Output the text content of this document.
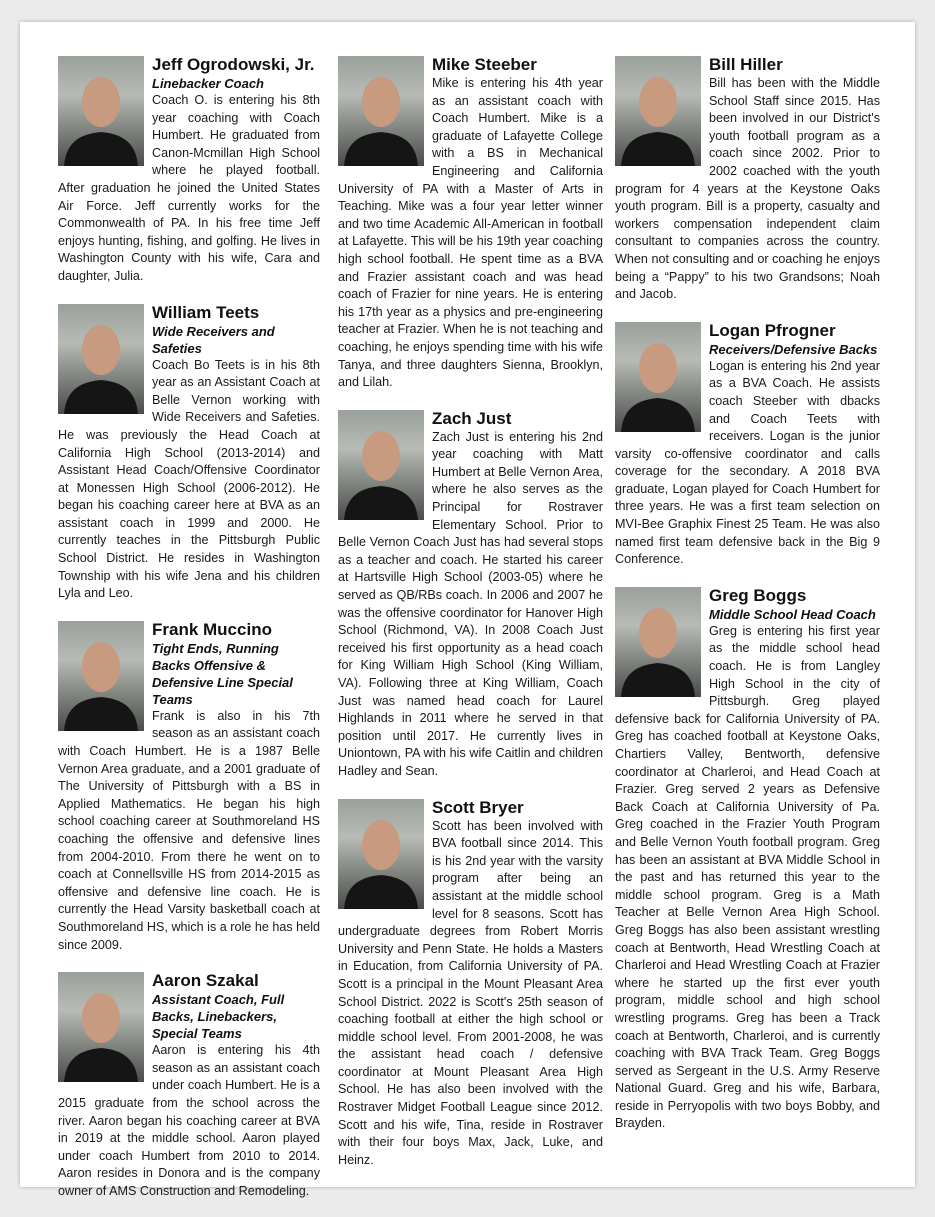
Jeff Ogrodowski, Jr.
Linebacker Coach
Coach O. is entering his 8th year coaching with Coach Humbert. He graduated from Canon-Mcmillan High School where he played football. After graduation he joined the United States Air Force. Jeff currently works for the Commonwealth of PA. In his free time Jeff enjoys hunting, fishing, and golfing. He lives in Washington County with his wife, Cara and daughter, Julia.
William Teets
Wide Receivers and Safeties
Coach Bo Teets is in his 8th year as an Assistant Coach at Belle Vernon working with Wide Receivers and Safeties. He was previously the Head Coach at California High School (2013-2014) and Assistant Head Coach/Offensive Coordinator at Monessen High School (2006-2012). He began his coaching career here at BVA as an assistant coach in 1999 and 2000. He currently teaches in the Pittsburgh Public School District. He resides in Washington Township with his wife Jena and his children Lyla and Leo.
Frank Muccino
Tight Ends, Running Backs Offensive & Defensive Line Special Teams
Frank is also in his 7th season as an assistant coach with Coach Humbert. He is a 1987 Belle Vernon Area graduate, and a 2001 graduate of The University of Pittsburgh with a BS in Applied Mathematics. He began his high school coaching career at Southmoreland HS coaching the offensive and defensive lines from 2004-2010. From there he went on to coach at Connellsville HS from 2014-2015 as offensive and defensive line coach. He is currently the Head Varsity basketball coach at Southmoreland HS, which is a role he has held since 2009.
Aaron Szakal
Assistant Coach, Full Backs, Linebackers, Special Teams
Aaron is entering his 4th season as an assistant coach under coach Humbert. He is a 2015 graduate from the school across the river. Aaron began his coaching career at BVA in 2019 at the middle school. Aaron played under coach Humbert from 2010 to 2014. Aaron resides in Donora and is the company owner of AMS Construction and Remodeling.
Mike Steeber
Mike is entering his 4th year as an assistant coach with Coach Humbert. Mike is a graduate of Lafayette College with a BS in Mechanical Engineering and California University of PA with a Master of Arts in Teaching. Mike was a four year letter winner and two time Academic All-American in football at Lafayette. This will be his 19th year coaching high school football. He spent time as a BVA and Frazier assistant coach and was head coach of Frazier for nine years. He is entering his 17th year as a physics and pre-engineering teacher at Frazier. When he is not teaching and coaching, he enjoys spending time with his wife Tanya, and three daughters Sienna, Brooklyn, and Lilah.
Zach Just
Zach Just is entering his 2nd year coaching with Matt Humbert at Belle Vernon Area, where he also serves as the Principal for Rostraver Elementary School. Prior to Belle Vernon Coach Just has had several stops as a teacher and coach. He started his career at Hartsville High School (2003-05) where he served as QB/RBs coach. In 2006 and 2007 he was the offensive coordinator for Hanover High School (Richmond, VA). In 2008 Coach Just received his first opportunity as a head coach for King William High School (King William, VA). Following three at King William, Coach Just was named head coach for Laurel Highlands in 2011 where he served in that position until 2017. He currently lives in Uniontown, PA with his wife Caitlin and children Hadley and Sean.
Scott Bryer
Scott has been involved with BVA football since 2014. This is his 2nd year with the varsity program after being an assistant at the middle school level for 8 seasons. Scott has undergraduate degrees from Robert Morris University and Penn State. He holds a Masters in Education, from California University of PA. Scott is a principal in the Mount Pleasant Area School District. 2022 is Scott's 25th season of coaching football at either the high school or middle school level. From 2001-2008, he was the assistant head coach / defensive coordinator at Mount Pleasant Area High School. He has also been involved with the Rostraver Midget Football League since 2012. Scott and his wife, Tina, reside in Rostraver with their four boys Max, Jack, Luke, and Heinz.
Bill Hiller
Bill has been with the Middle School Staff since 2015. Has been involved in our District's youth football program as a coach since 2002. Prior to 2002 coached with the youth program for 4 years at the Keystone Oaks youth program. Bill is a property, casualty and workers compensation independent claim consultant to companies across the country. When not consulting and or coaching he enjoys being a “Pappy” to his two Grandsons; Noah and Jacob.
Logan Pfrogner
Receivers/Defensive Backs
Logan is entering his 2nd year as a BVA Coach. He assists coach Steeber with dbacks and Coach Teets with receivers. Logan is the junior varsity co-offensive coordinator and calls coverage for the secondary. A 2018 BVA graduate, Logan played for Coach Humbert for three years. He was a first team selection on MVI-Bee Graphix Finest 25 Team. He was also named first team defensive back in the Big 9 Conference.
Greg Boggs
Middle School Head Coach
Greg is entering his first year as the middle school head coach. He is from Langley High School in the city of Pittsburgh. Greg played defensive back for California University of PA. Greg has coached football at Keystone Oaks, Chartiers Valley, Bentworth, defensive coordinator at Charleroi, and Head Coach at Frazier. Greg served 2 years as Defensive Back Coach at California University of Pa. Greg coached in the Frazier Youth Program and Belle Vernon Youth football program. Greg has been an assistant at BVA Middle School in the past and has returned this year to the middle school program. Greg is a Math Teacher at Belle Vernon Area High School. Greg Boggs has also been assistant wrestling coach at Bentworth, Head Wrestling Coach at Charleroi and Head Wrestling Coach at Frazier where he started up the first ever youth program, middle school and high school wrestling programs. Greg has been a Track coach at Bentworth, Charleroi, and is currently coaching with BVA Track Team. Greg Boggs served as Sergeant in the U.S. Army Reserve National Guard. Greg and his wife, Barbara, reside in Perryopolis with two boys Bobby, and Brayden.
